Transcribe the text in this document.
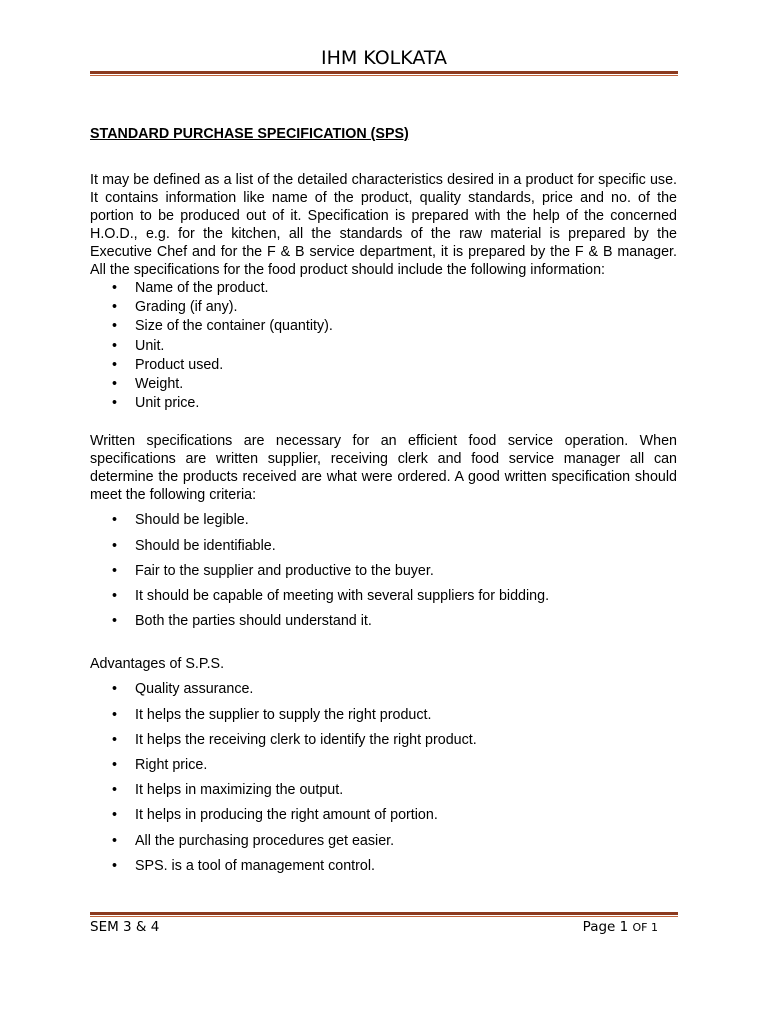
IHM KOLKATA

STANDARD PURCHASE SPECIFICATION (SPS)

It may be defined as a list of the detailed characteristics desired in a product for specific use. It contains information like name of the product, quality standards, price and no. of the portion to be produced out of it. Specification is prepared with the help of the concerned H.O.D., e.g. for the kitchen, all the standards of the raw material is prepared by the Executive Chef and for the F & B service department, it is prepared by the F & B manager. All the specifications for the food product should include the following information:

• Name of the product.
• Grading (if any).
• Size of the container (quantity).
• Unit.
• Product used.
• Weight.
• Unit price.

Written specifications are necessary for an efficient food service operation. When specifications are written supplier, receiving clerk and food service manager all can determine the products received are what were ordered. A good written specification should meet the following criteria:

• Should be legible.
• Should be identifiable.
• Fair to the supplier and productive to the buyer.
• It should be capable of meeting with several suppliers for bidding.
• Both the parties should understand it.

Advantages of S.P.S.

• Quality assurance.
• It helps the supplier to supply the right product.
• It helps the receiving clerk to identify the right product.
• Right price.
• It helps in maximizing the output.
• It helps in producing the right amount of portion.
• All the purchasing procedures get easier.
• SPS. is a tool of management control.
SEM 3 & 4	Page 1 OF 1
